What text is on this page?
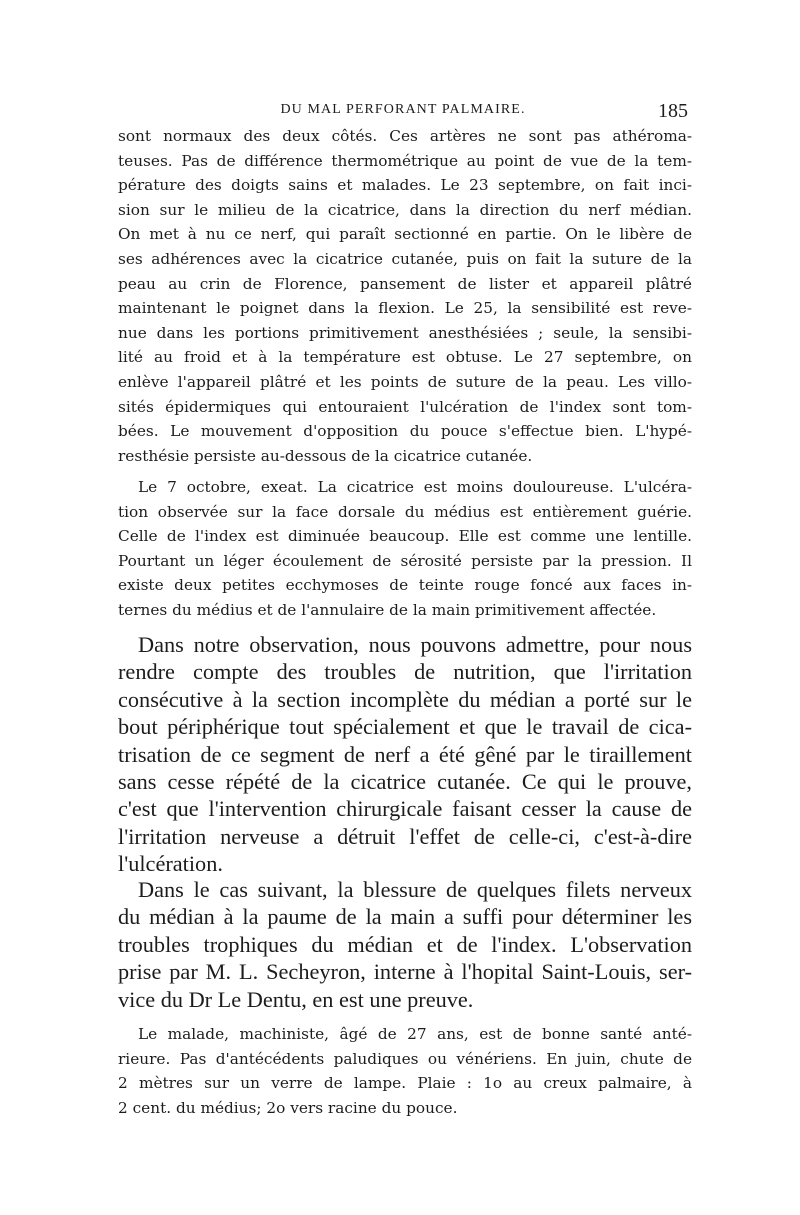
DU MAL PERFORANT PALMAIRE.	185
sont normaux des deux côtés. Ces artères ne sont pas athéroma-
teuses. Pas de différence thermométrique au point de vue de la tem-
pérature des doigts sains et malades. Le 23 septembre, on fait inci-
sion sur le milieu de la cicatrice, dans la direction du nerf médian.
On met à nu ce nerf, qui paraît sectionné en partie. On le libère de
ses adhérences avec la cicatrice cutanée, puis on fait la suture de la
peau au crin de Florence, pansement de lister et appareil plâtré
maintenant le poignet dans la flexion. Le 25, la sensibilité est reve-
nue dans les portions primitivement anesthésiées ; seule, la sensibi-
lité au froid et à la température est obtuse. Le 27 septembre, on
enlève l'appareil plâtré et les points de suture de la peau. Les villo-
sités épidermiques qui entouraient l'ulcération de l'index sont tom-
bées. Le mouvement d'opposition du pouce s'effectue bien. L'hypé-
resthésie persiste au-dessous de la cicatrice cutanée.
Le 7 octobre, exeat. La cicatrice est moins douloureuse. L'ulcéra-
tion observée sur la face dorsale du médius est entièrement guérie.
Celle de l'index est diminuée beaucoup. Elle est comme une lentille.
Pourtant un léger écoulement de sérosité persiste par la pression. Il
existe deux petites ecchymoses de teinte rouge foncé aux faces in-
ternes du médius et de l'annulaire de la main primitivement affectée.
Dans notre observation, nous pouvons admettre, pour nous
rendre compte des troubles de nutrition, que l'irritation
consécutive à la section incomplète du médian a porté sur le
bout périphérique tout spécialement et que le travail de cica-
trisation de ce segment de nerf a été gêné par le tiraillement
sans cesse répété de la cicatrice cutanée. Ce qui le prouve,
c'est que l'intervention chirurgicale faisant cesser la cause de
l'irritation nerveuse a détruit l'effet de celle-ci, c'est-à-dire
l'ulcération.
Dans le cas suivant, la blessure de quelques filets nerveux
du médian à la paume de la main a suffi pour déterminer les
troubles trophiques du médian et de l'index. L'observation
prise par M. L. Secheyron, interne à l'hopital Saint-Louis, ser-
vice du Dr Le Dentu, en est une preuve.
Le malade, machiniste, âgé de 27 ans, est de bonne santé anté-
rieure. Pas d'antécédents paludiques ou vénériens. En juin, chute de
2 mètres sur un verre de lampe. Plaie : 1o au creux palmaire, à
2 cent. du médius; 2o vers racine du pouce.
